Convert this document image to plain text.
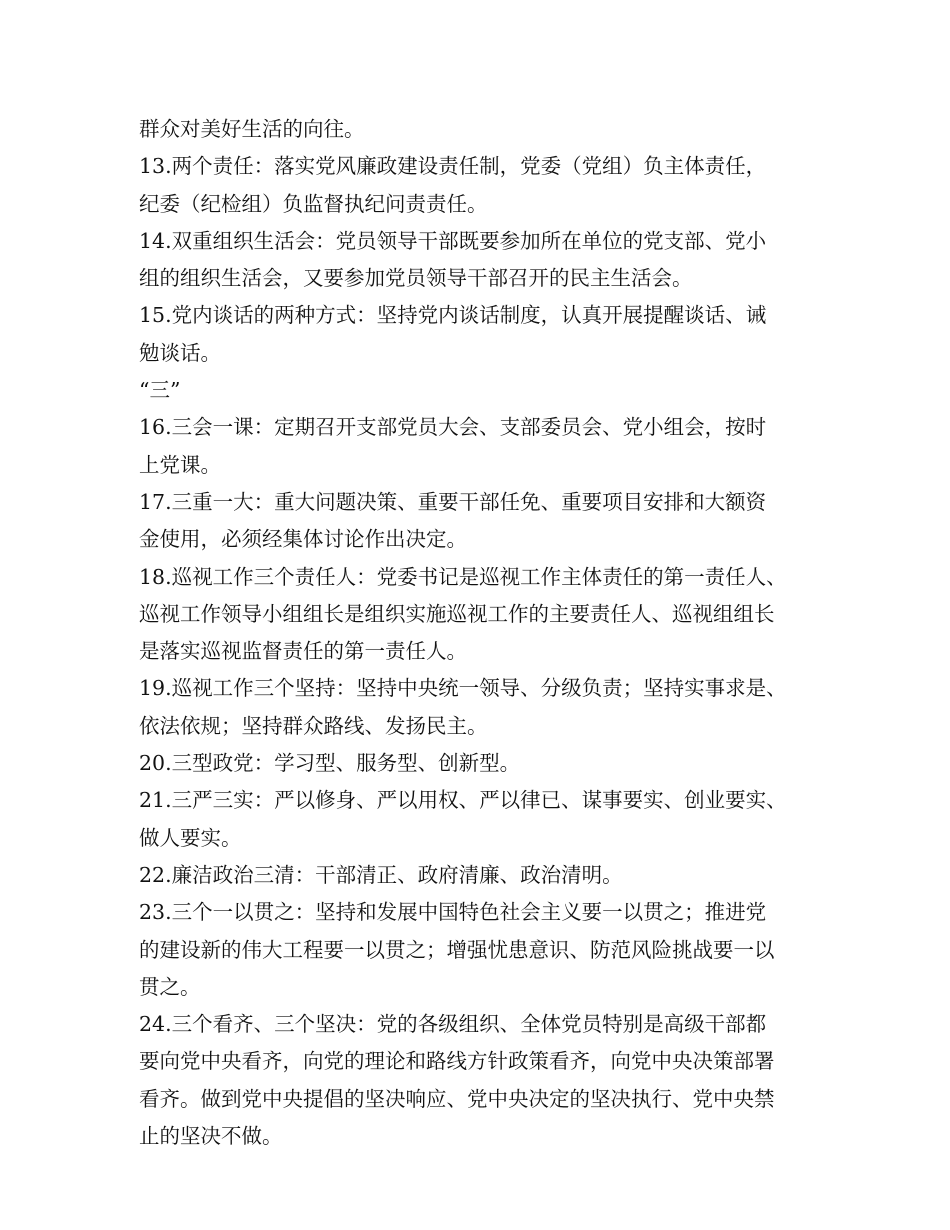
群众对美好生活的向往。
13.两个责任：落实党风廉政建设责任制，党委（党组）负主体责任，
纪委（纪检组）负监督执纪问责责任。
14.双重组织生活会：党员领导干部既要参加所在单位的党支部、党小
组的组织生活会，又要参加党员领导干部召开的民主生活会。
15.党内谈话的两种方式：坚持党内谈话制度，认真开展提醒谈话、诫
勉谈话。
“三”
16.三会一课：定期召开支部党员大会、支部委员会、党小组会，按时
上党课。
17.三重一大：重大问题决策、重要干部任免、重要项目安排和大额资
金使用，必须经集体讨论作出决定。
18.巡视工作三个责任人：党委书记是巡视工作主体责任的第一责任人、
巡视工作领导小组组长是组织实施巡视工作的主要责任人、巡视组组长
是落实巡视监督责任的第一责任人。
19.巡视工作三个坚持：坚持中央统一领导、分级负责；坚持实事求是、
依法依规；坚持群众路线、发扬民主。
20.三型政党：学习型、服务型、创新型。
21.三严三实：严以修身、严以用权、严以律已、谋事要实、创业要实、
做人要实。
22.廉洁政治三清：干部清正、政府清廉、政治清明。
23.三个一以贯之：坚持和发展中国特色社会主义要一以贯之；推进党
的建设新的伟大工程要一以贯之；增强忧患意识、防范风险挑战要一以
贯之。
24.三个看齐、三个坚决：党的各级组织、全体党员特别是高级干部都
要向党中央看齐，向党的理论和路线方针政策看齐，向党中央决策部署
看齐。做到党中央提倡的坚决响应、党中央决定的坚决执行、党中央禁
止的坚决不做。
